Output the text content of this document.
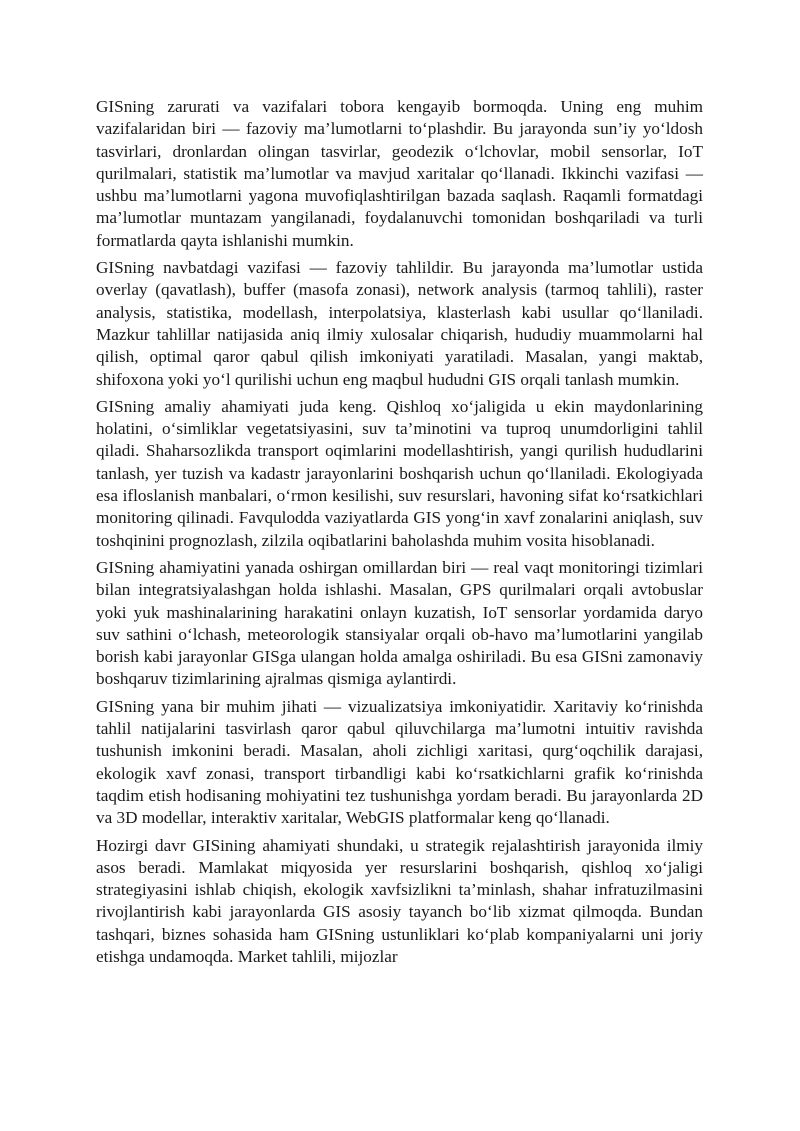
GISning zarurati va vazifalari tobora kengayib bormoqda. Uning eng muhim vazifalaridan biri — fazoviy ma’lumotlarni to‘plashdir. Bu jarayonda sun’iy yo‘ldosh tasvirlari, dronlardan olingan tasvirlar, geodezik o‘lchovlar, mobil sensorlar, IoT qurilmalari, statistik ma’lumotlar va mavjud xaritalar qo‘llanadi. Ikkinchi vazifasi — ushbu ma’lumotlarni yagona muvofiqlashtirilgan bazada saqlash. Raqamli formatdagi ma’lumotlar muntazam yangilanadi, foydalanuvchi tomonidan boshqariladi va turli formatlarda qayta ishlanishi mumkin.

GISning navbatdagi vazifasi — fazoviy tahlildir. Bu jarayonda ma’lumotlar ustida overlay (qavatlash), buffer (masofa zonasi), network analysis (tarmoq tahlili), raster analysis, statistika, modellash, interpolatsiya, klasterlash kabi usullar qo‘llaniladi. Mazkur tahlillar natijasida aniq ilmiy xulosalar chiqarish, hududiy muammolarni hal qilish, optimal qaror qabul qilish imkoniyati yaratiladi. Masalan, yangi maktab, shifoxona yoki yo‘l qurilishi uchun eng maqbul hududni GIS orqali tanlash mumkin.

GISning amaliy ahamiyati juda keng. Qishloq xo‘jaligida u ekin maydonlarining holatini, o‘simliklar vegetatsiyasini, suv ta’minotini va tuproq unumdorligini tahlil qiladi. Shaharsozlikda transport oqimlarini modellashtirish, yangi qurilish hududlarini tanlash, yer tuzish va kadastr jarayonlarini boshqarish uchun qo‘llaniladi. Ekologiyada esa ifloslanish manbalari, o‘rmon kesilishi, suv resurslari, havoning sifat ko‘rsatkichlari monitoring qilinadi. Favqulodda vaziyatlarda GIS yong‘in xavf zonalarini aniqlash, suv toshqinini prognozlash, zilzila oqibatlarini baholashda muhim vosita hisoblanadi.

GISning ahamiyatini yanada oshirgan omillardan biri — real vaqt monitoringi tizimlari bilan integratsiyalashgan holda ishlashi. Masalan, GPS qurilmalari orqali avtobuslar yoki yuk mashinalarining harakatini onlayn kuzatish, IoT sensorlar yordamida daryo suv sathini o‘lchash, meteorologik stansiyalar orqali ob-havo ma’lumotlarini yangilab borish kabi jarayonlar GISga ulangan holda amalga oshiriladi. Bu esa GISni zamonaviy boshqaruv tizimlarining ajralmas qismiga aylantirdi.

GISning yana bir muhim jihati — vizualizatsiya imkoniyatidir. Xaritaviy ko‘rinishda tahlil natijalarini tasvirlash qaror qabul qiluvchilarga ma’lumotni intuitiv ravishda tushunish imkonini beradi. Masalan, aholi zichligi xaritasi, qurg‘oqchilik darajasi, ekologik xavf zonasi, transport tirbandligi kabi ko‘rsatkichlarni grafik ko‘rinishda taqdim etish hodisaning mohiyatini tez tushunishga yordam beradi. Bu jarayonlarda 2D va 3D modellar, interaktiv xaritalar, WebGIS platformalar keng qo‘llanadi.

Hozirgi davr GISining ahamiyati shundaki, u strategik rejalashtirish jarayonida ilmiy asos beradi. Mamlakat miqyosida yer resurslarini boshqarish, qishloq xo‘jaligi strategiyasini ishlab chiqish, ekologik xavfsizlikni ta’minlash, shahar infratuzilmasini rivojlantirish kabi jarayonlarda GIS asosiy tayanch bo‘lib xizmat qilmoqda. Bundan tashqari, biznes sohasida ham GISning ustunliklari ko‘plab kompaniyalarni uni joriy etishga undamoqda. Market tahlili, mijozlar
